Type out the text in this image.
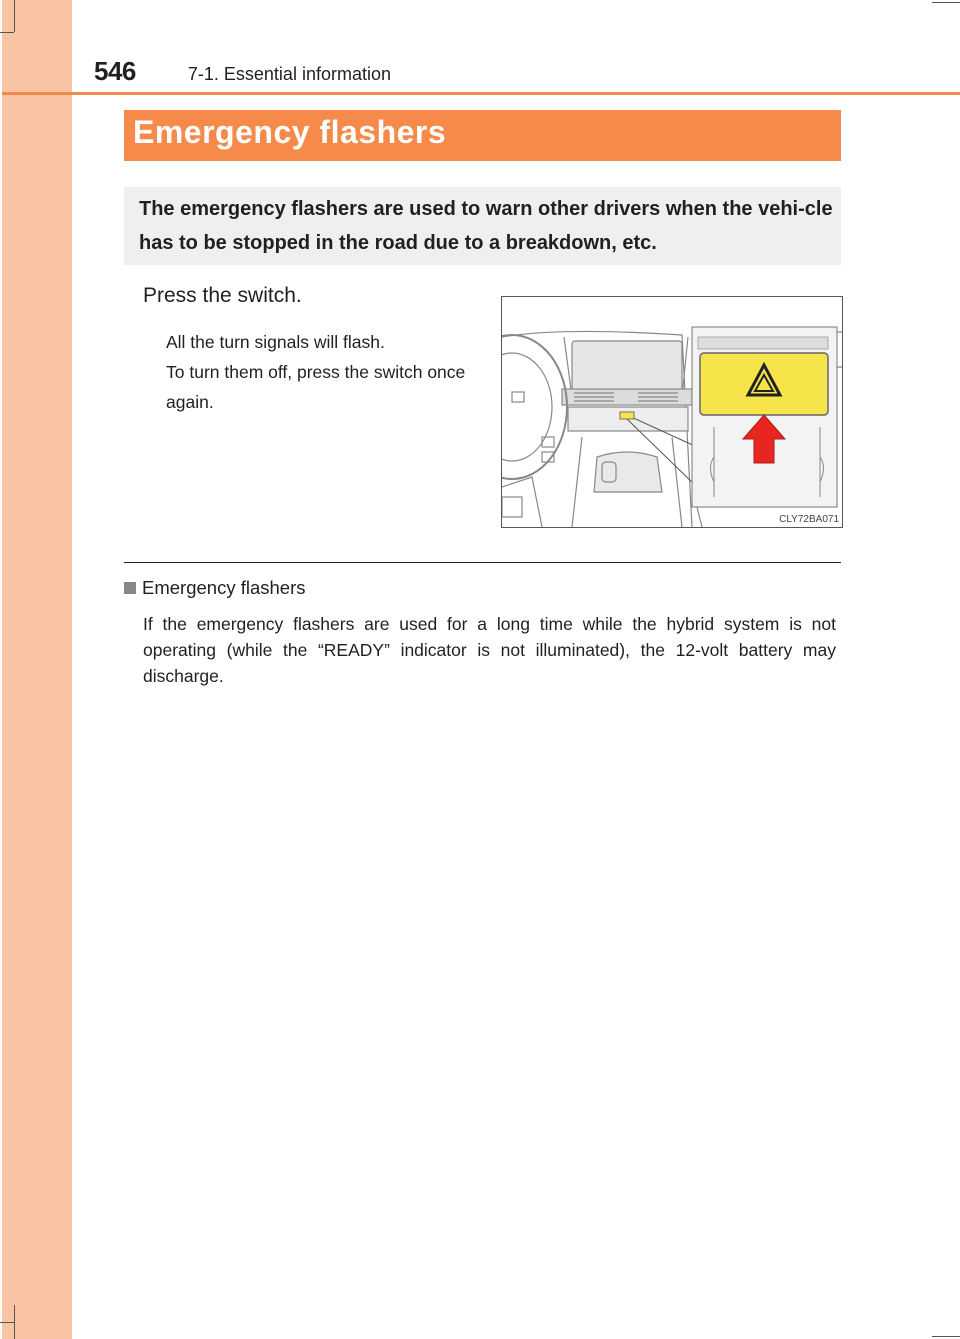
546	7-1. Essential information
Emergency flashers
The emergency flashers are used to warn other drivers when the vehi-cle has to be stopped in the road due to a breakdown, etc.
Press the switch.
All the turn signals will flash.
To turn them off, press the switch once
again.
CLY72BA071
Emergency flashers
If the emergency flashers are used for a long time while the hybrid system is not operating (while the “READY” indicator is not illuminated), the 12-volt battery may discharge.
